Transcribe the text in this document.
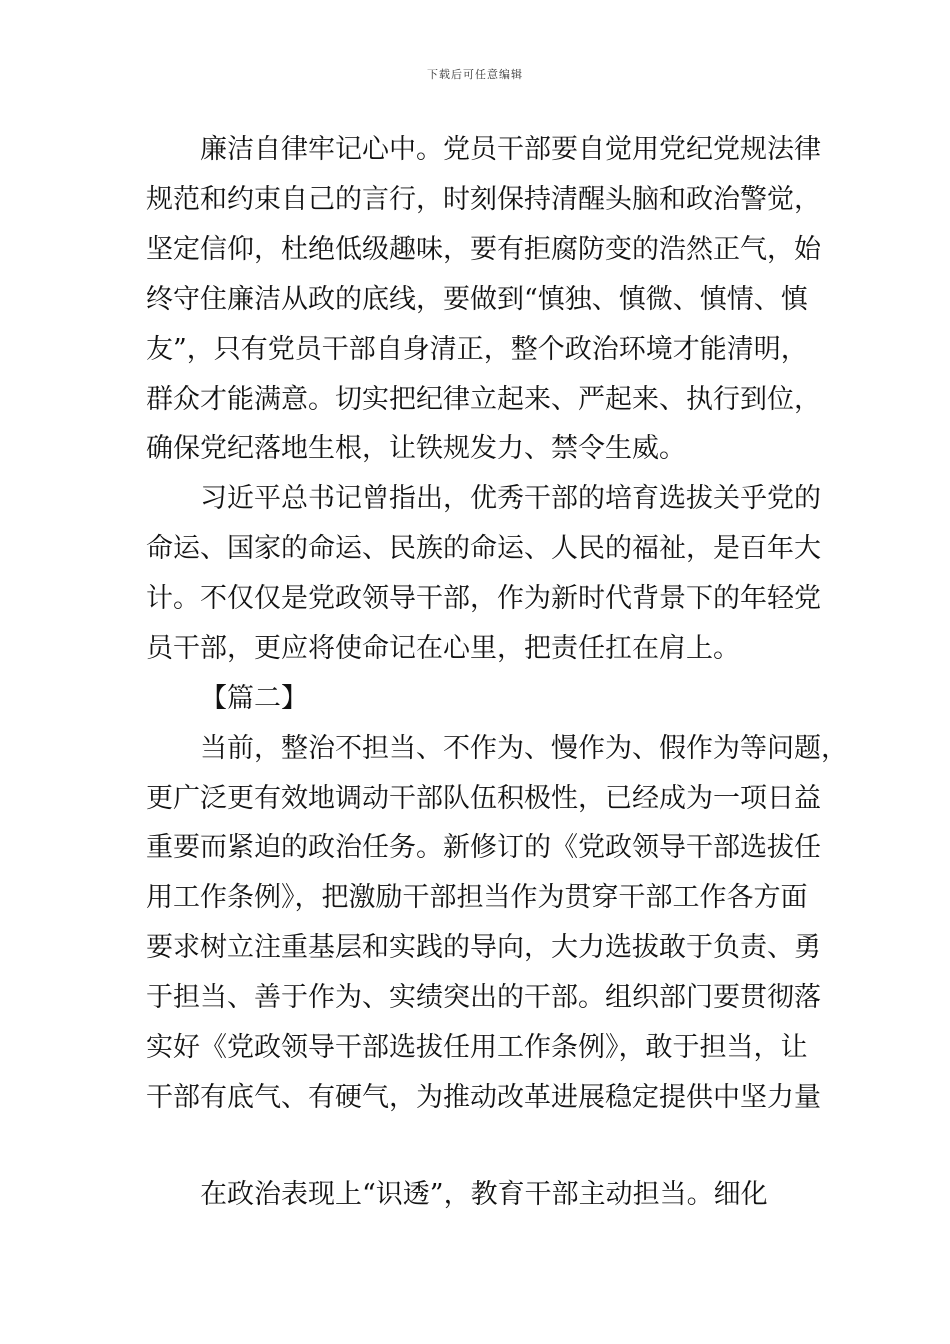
下载后可任意编辑
廉洁自律牢记心中。党员干部要自觉用党纪党规法律
规范和约束自己的言行，时刻保持清醒头脑和政治警觉，
坚定信仰，杜绝低级趣味，要有拒腐防变的浩然正气，始
终守住廉洁从政的底线，要做到“慎独、慎微、慎情、慎
友”，只有党员干部自身清正，整个政治环境才能清明，
群众才能满意。切实把纪律立起来、严起来、执行到位，
确保党纪落地生根，让铁规发力、禁令生威。
习近平总书记曾指出，优秀干部的培育选拔关乎党的
命运、国家的命运、民族的命运、人民的福祉，是百年大
计。不仅仅是党政领导干部，作为新时代背景下的年轻党
员干部，更应将使命记在心里，把责任扛在肩上。
【篇二】
当前，整治不担当、不作为、慢作为、假作为等问题，
更广泛更有效地调动干部队伍积极性，已经成为一项日益
重要而紧迫的政治任务。新修订的《党政领导干部选拔任
用工作条例》，把激励干部担当作为贯穿干部工作各方面
要求树立注重基层和实践的导向，大力选拔敢于负责、勇
于担当、善于作为、实绩突出的干部。组织部门要贯彻落
实好《党政领导干部选拔任用工作条例》，敢于担当，让
干部有底气、有硬气，为推动改革进展稳定提供中坚力量
在政治表现上“识透”，教育干部主动担当。细化
